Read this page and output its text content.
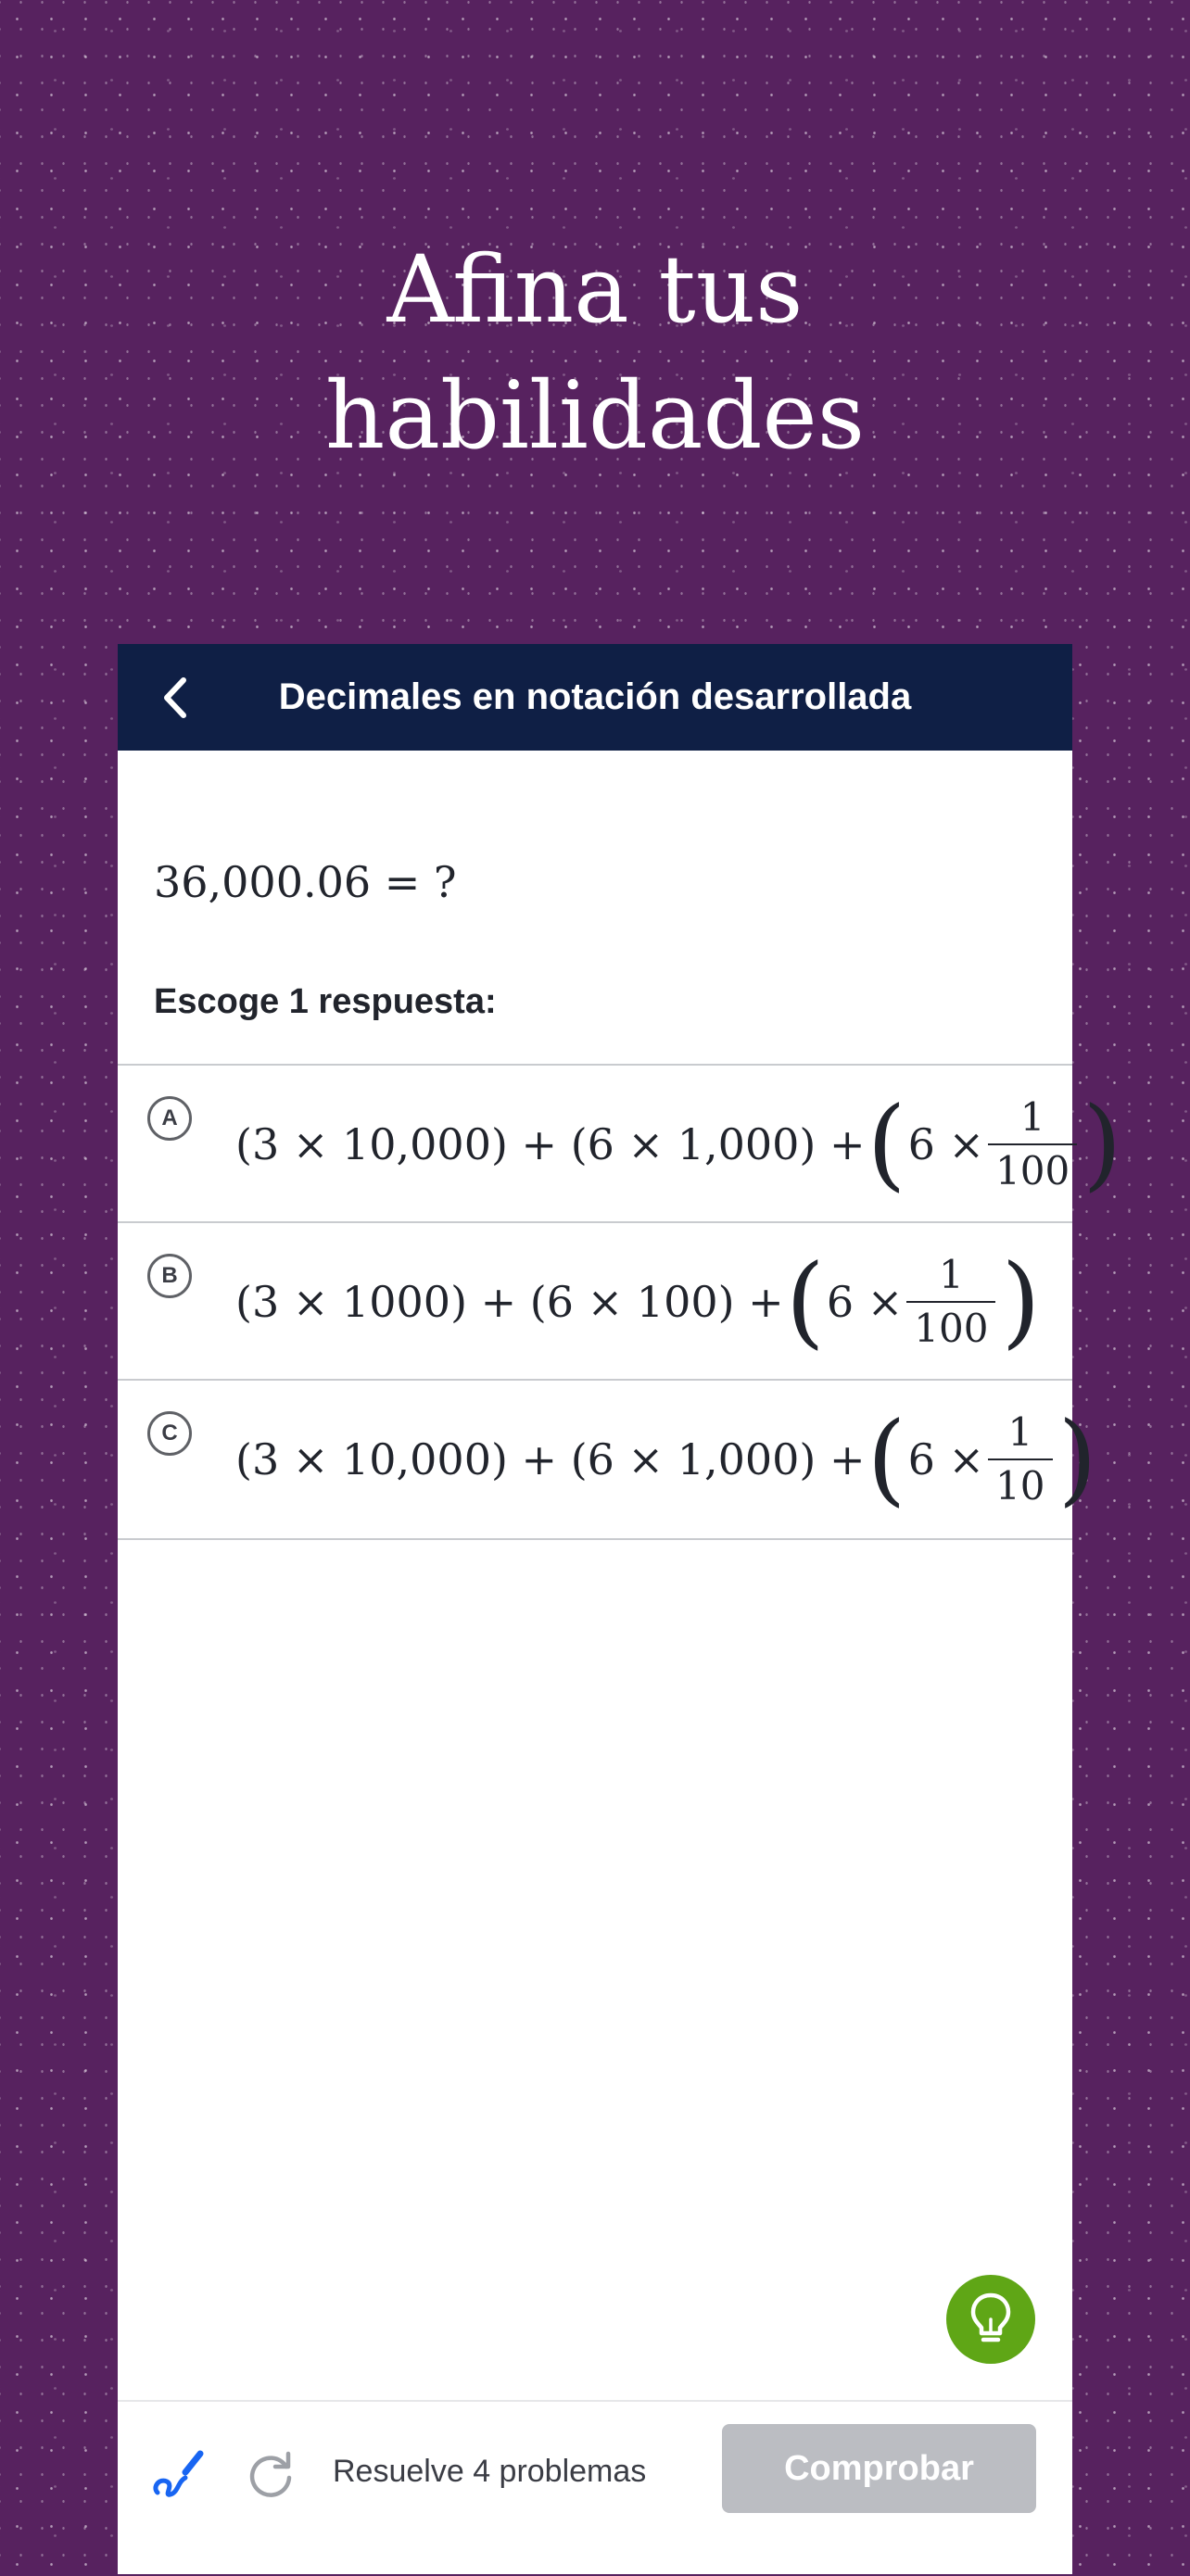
Afina tus
habilidades
Decimales en notación desarrollada
36,000.06 = ?
Escoge 1 respuesta:
A
(3 × 10,000) + (6 × 1,000) + ( $6 \times \frac{1}{100}$ )
B
(3 × 1000) + (6 × 100) + ( $6 \times \frac{1}{100}$ )
C
(3 × 10,000) + (6 × 1,000) + ( $6 \times \frac{1}{10}$ )
Resuelve 4 problemas	Comprobar
